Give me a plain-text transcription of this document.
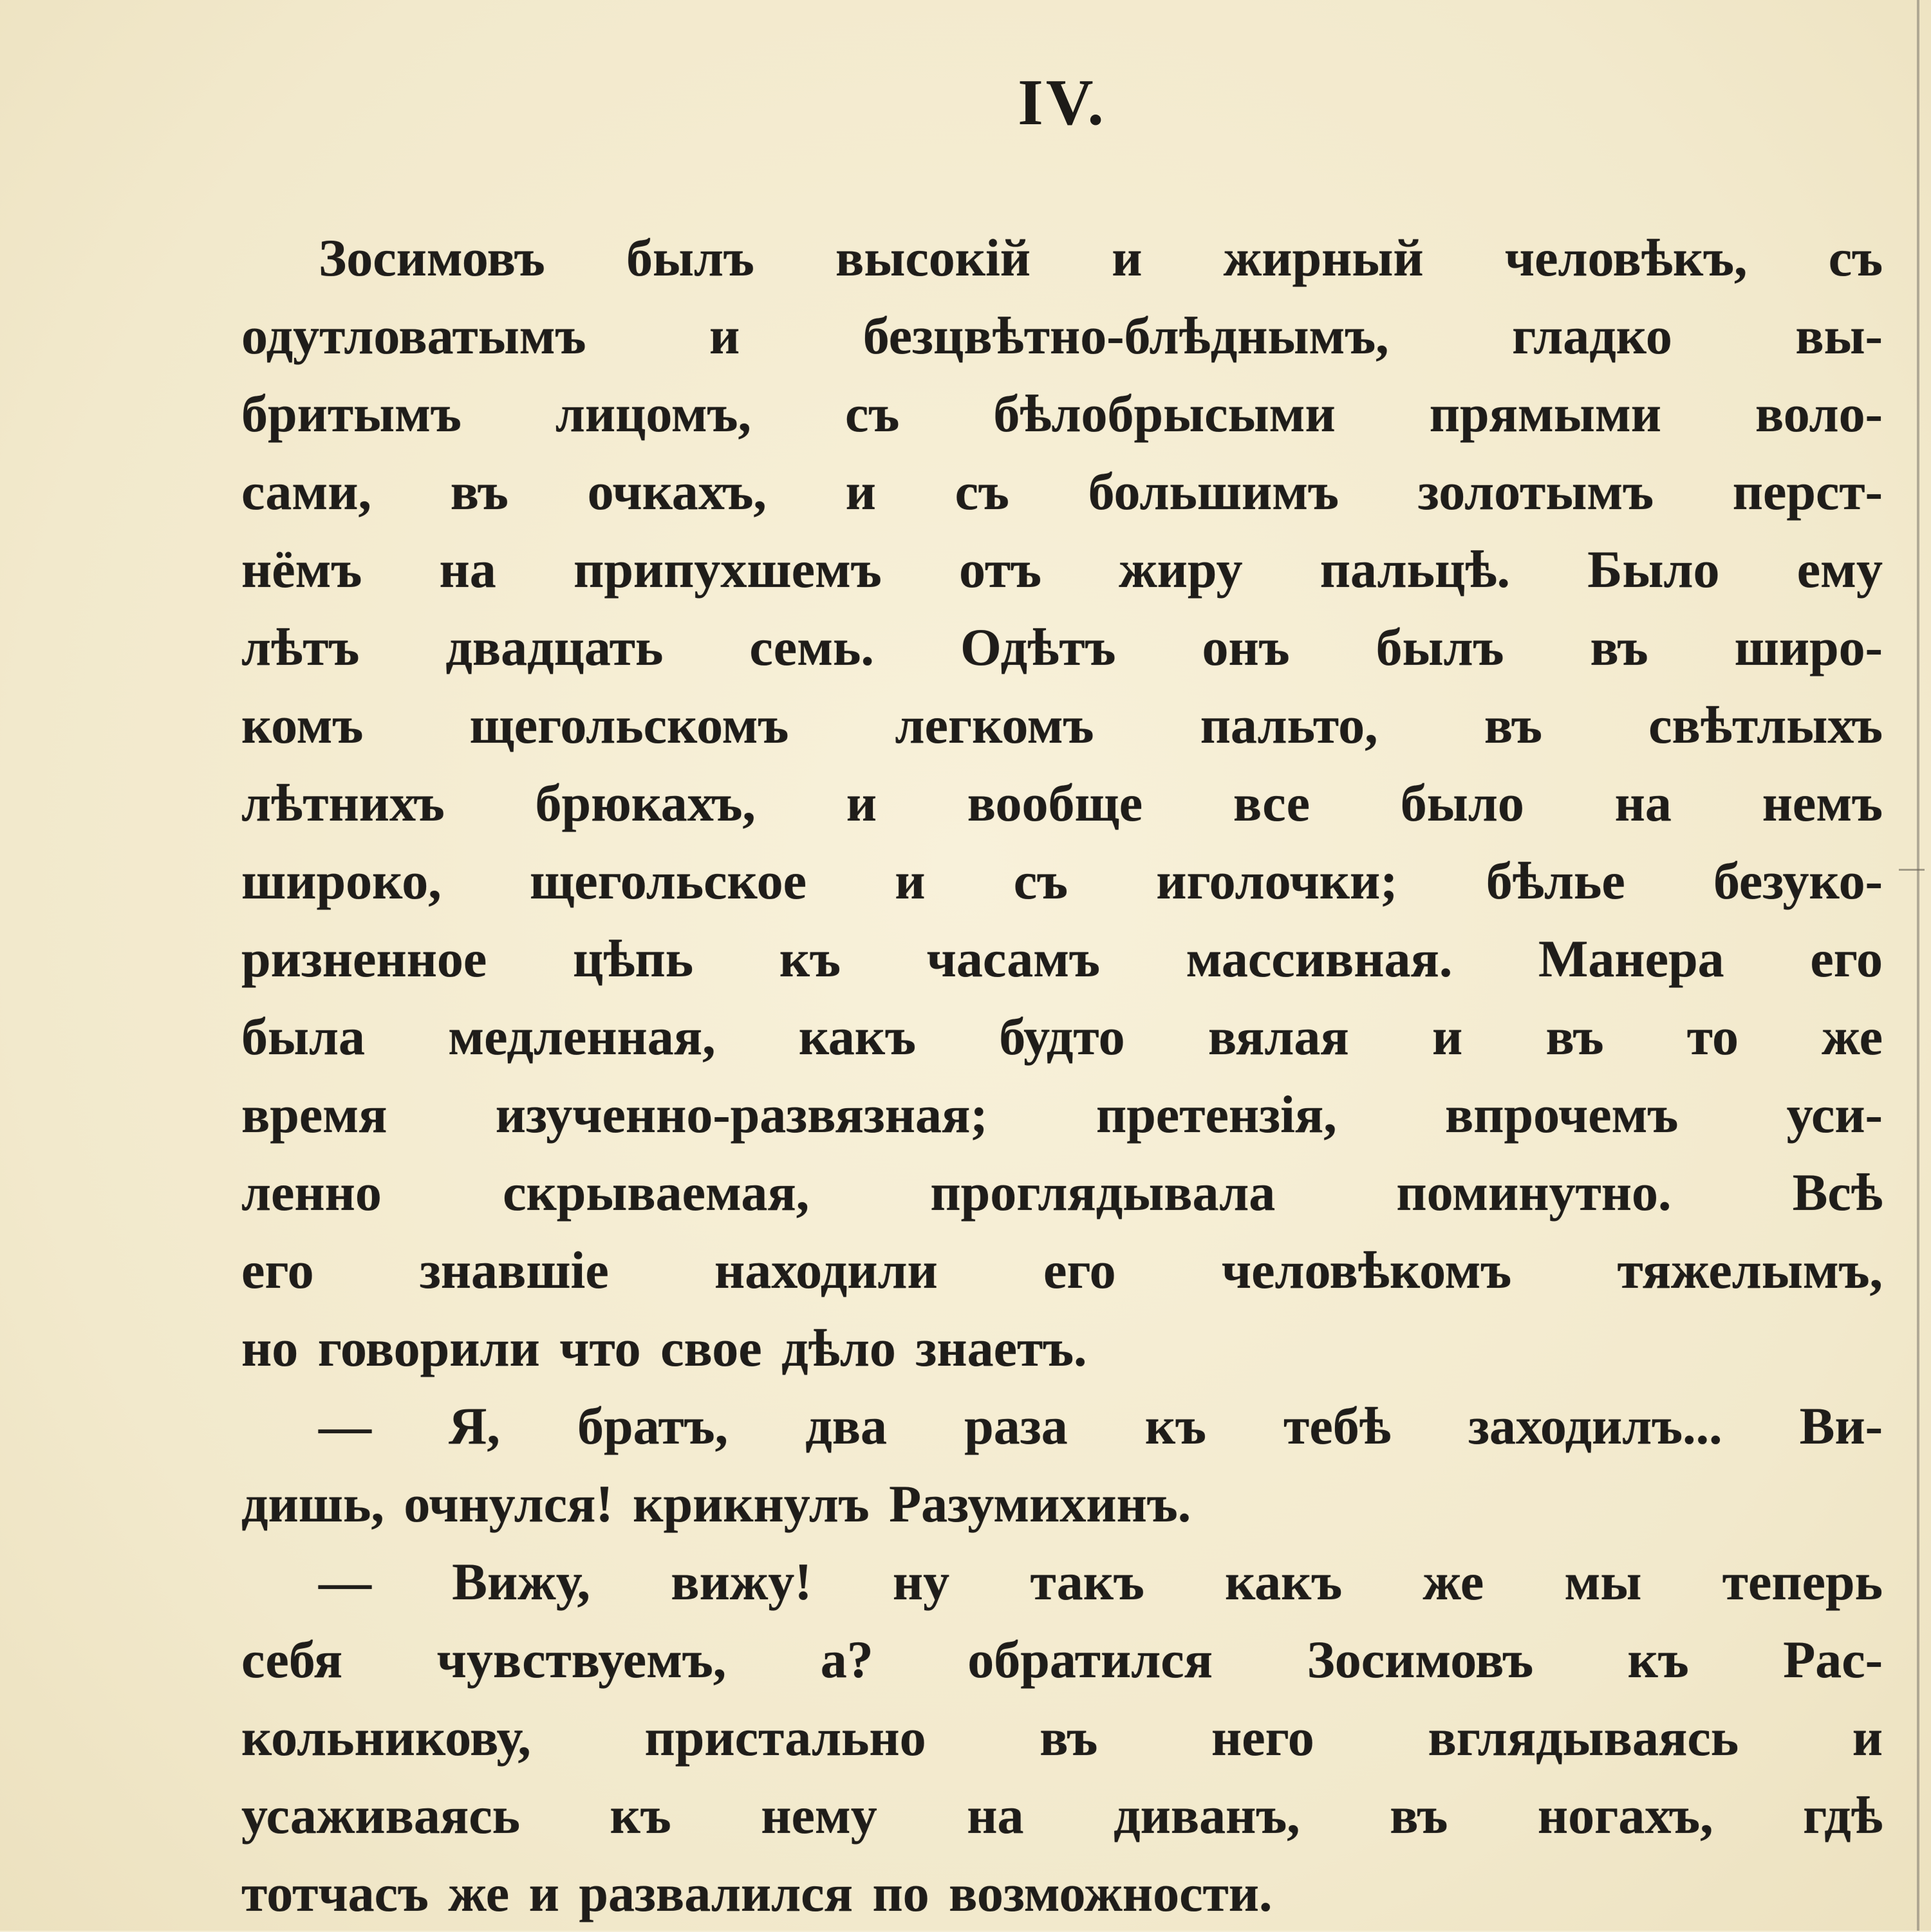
IV.
Зосимовъ былъ высокій и жирный человѣкъ, съ
одутловатымъ и безцвѣтно-блѣднымъ, гладко вы-
бритымъ лицомъ, съ бѣлобрысыми прямыми воло-
сами, въ очкахъ, и съ большимъ золотымъ перст-
нёмъ на припухшемъ отъ жиру пальцѣ. Было ему
лѣтъ двадцать семь. Одѣтъ онъ былъ въ широ-
комъ щегольскомъ легкомъ пальто, въ свѣтлыхъ
лѣтнихъ брюкахъ, и вообще все было на немъ
широко, щегольское и съ иголочки; бѣлье безуко-
ризненное цѣпь къ часамъ массивная. Манера его
была медленная, какъ будто вялая и въ то же
время изученно-развязная; претензія, впрочемъ уси-
ленно скрываемая, проглядывала поминутно. Всѣ
его знавшіе находили его человѣкомъ тяжелымъ,
но говорили что свое дѣло знаетъ.
— Я, братъ, два раза къ тебѣ заходилъ... Ви-
дишь, очнулся! крикнулъ Разумихинъ.
— Вижу, вижу! ну такъ какъ же мы теперь
себя чувствуемъ, а? обратился Зосимовъ къ Рас-
кольникову, пристально въ него вглядываясь и
усаживаясь къ нему на диванъ, въ ногахъ, гдѣ
тотчасъ же и развалился по возможности.
